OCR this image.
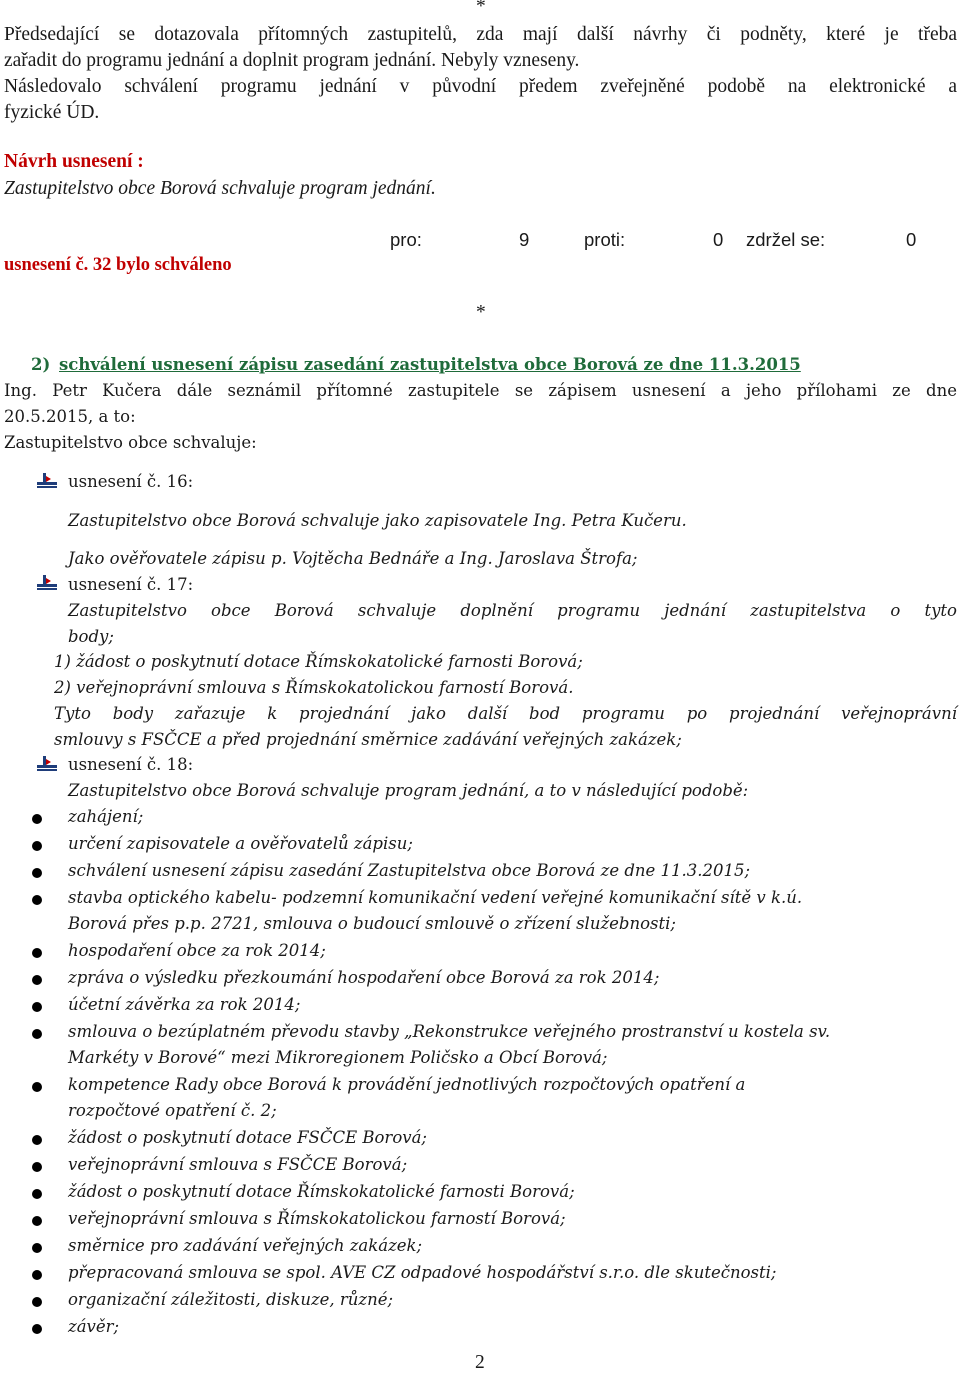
*
Předsedající se dotazovala přítomných zastupitelů, zda mají další návrhy či podněty, které je třeba
zařadit do programu jednání a doplnit program jednání. Nebyly vzneseny.
Následovalo schválení programu jednání v původní předem zveřejněné podobě na elektronické a
fyzické ÚD.
Návrh usnesení :
Zastupitelstvo obce Borová schvaluje program jednání.
pro:	9	proti:	0 zdržel se:	0
usnesení č. 32 bylo schváleno
*
2) schválení usnesení zápisu zasedání zastupitelstva obce Borová ze dne 11.3.2015
Ing. Petr Kučera dále seznámil přítomné zastupitele se zápisem usnesení a jeho přílohami ze dne
20.5.2015, a to:
Zastupitelstvo obce schvaluje:
usnesení č. 16:
Zastupitelstvo obce Borová schvaluje jako zapisovatele Ing. Petra Kučeru.
Jako ověřovatele zápisu p. Vojtěcha Bednáře a Ing. Jaroslava Štrofa;
usnesení č. 17:
Zastupitelstvo obce Borová schvaluje doplnění programu jednání zastupitelstva o tyto
body;
1) žádost o poskytnutí dotace Římskokatolické farnosti Borová;
2) veřejnoprávní smlouva s Římskokatolickou farností Borová.
Tyto body zařazuje k projednání jako další bod programu po projednání veřejnoprávní
smlouvy s FSČCE a před projednání směrnice zadávání veřejných zakázek;
usnesení č. 18:
Zastupitelstvo obce Borová schvaluje program jednání, a to v následující podobě:
zahájení;
určení zapisovatele a ověřovatelů zápisu;
schválení usnesení zápisu zasedání Zastupitelstva obce Borová ze dne 11.3.2015;
stavba optického kabelu- podzemní komunikační vedení veřejné komunikační sítě v k.ú.
Borová přes p.p. 2721, smlouva o budoucí smlouvě o zřízení služebnosti;
hospodaření obce za rok 2014;
zpráva o výsledku přezkoumání hospodaření obce Borová za rok 2014;
účetní závěrka za rok 2014;
smlouva o bezúplatném převodu stavby „Rekonstrukce veřejného prostranství u kostela sv.
Markéty v Borové“ mezi Mikroregionem Poličsko a Obcí Borová;
kompetence Rady obce Borová k provádění jednotlivých rozpočtových opatření a
rozpočtové opatření č. 2;
žádost o poskytnutí dotace FSČCE Borová;
veřejnoprávní smlouva s FSČCE Borová;
žádost o poskytnutí dotace Římskokatolické farnosti Borová;
veřejnoprávní smlouva s Římskokatolickou farností Borová;
směrnice pro zadávání veřejných zakázek;
přepracovaná smlouva se spol. AVE CZ odpadové hospodářství s.r.o. dle skutečnosti;
organizační záležitosti, diskuze, různé;
závěr;
2
